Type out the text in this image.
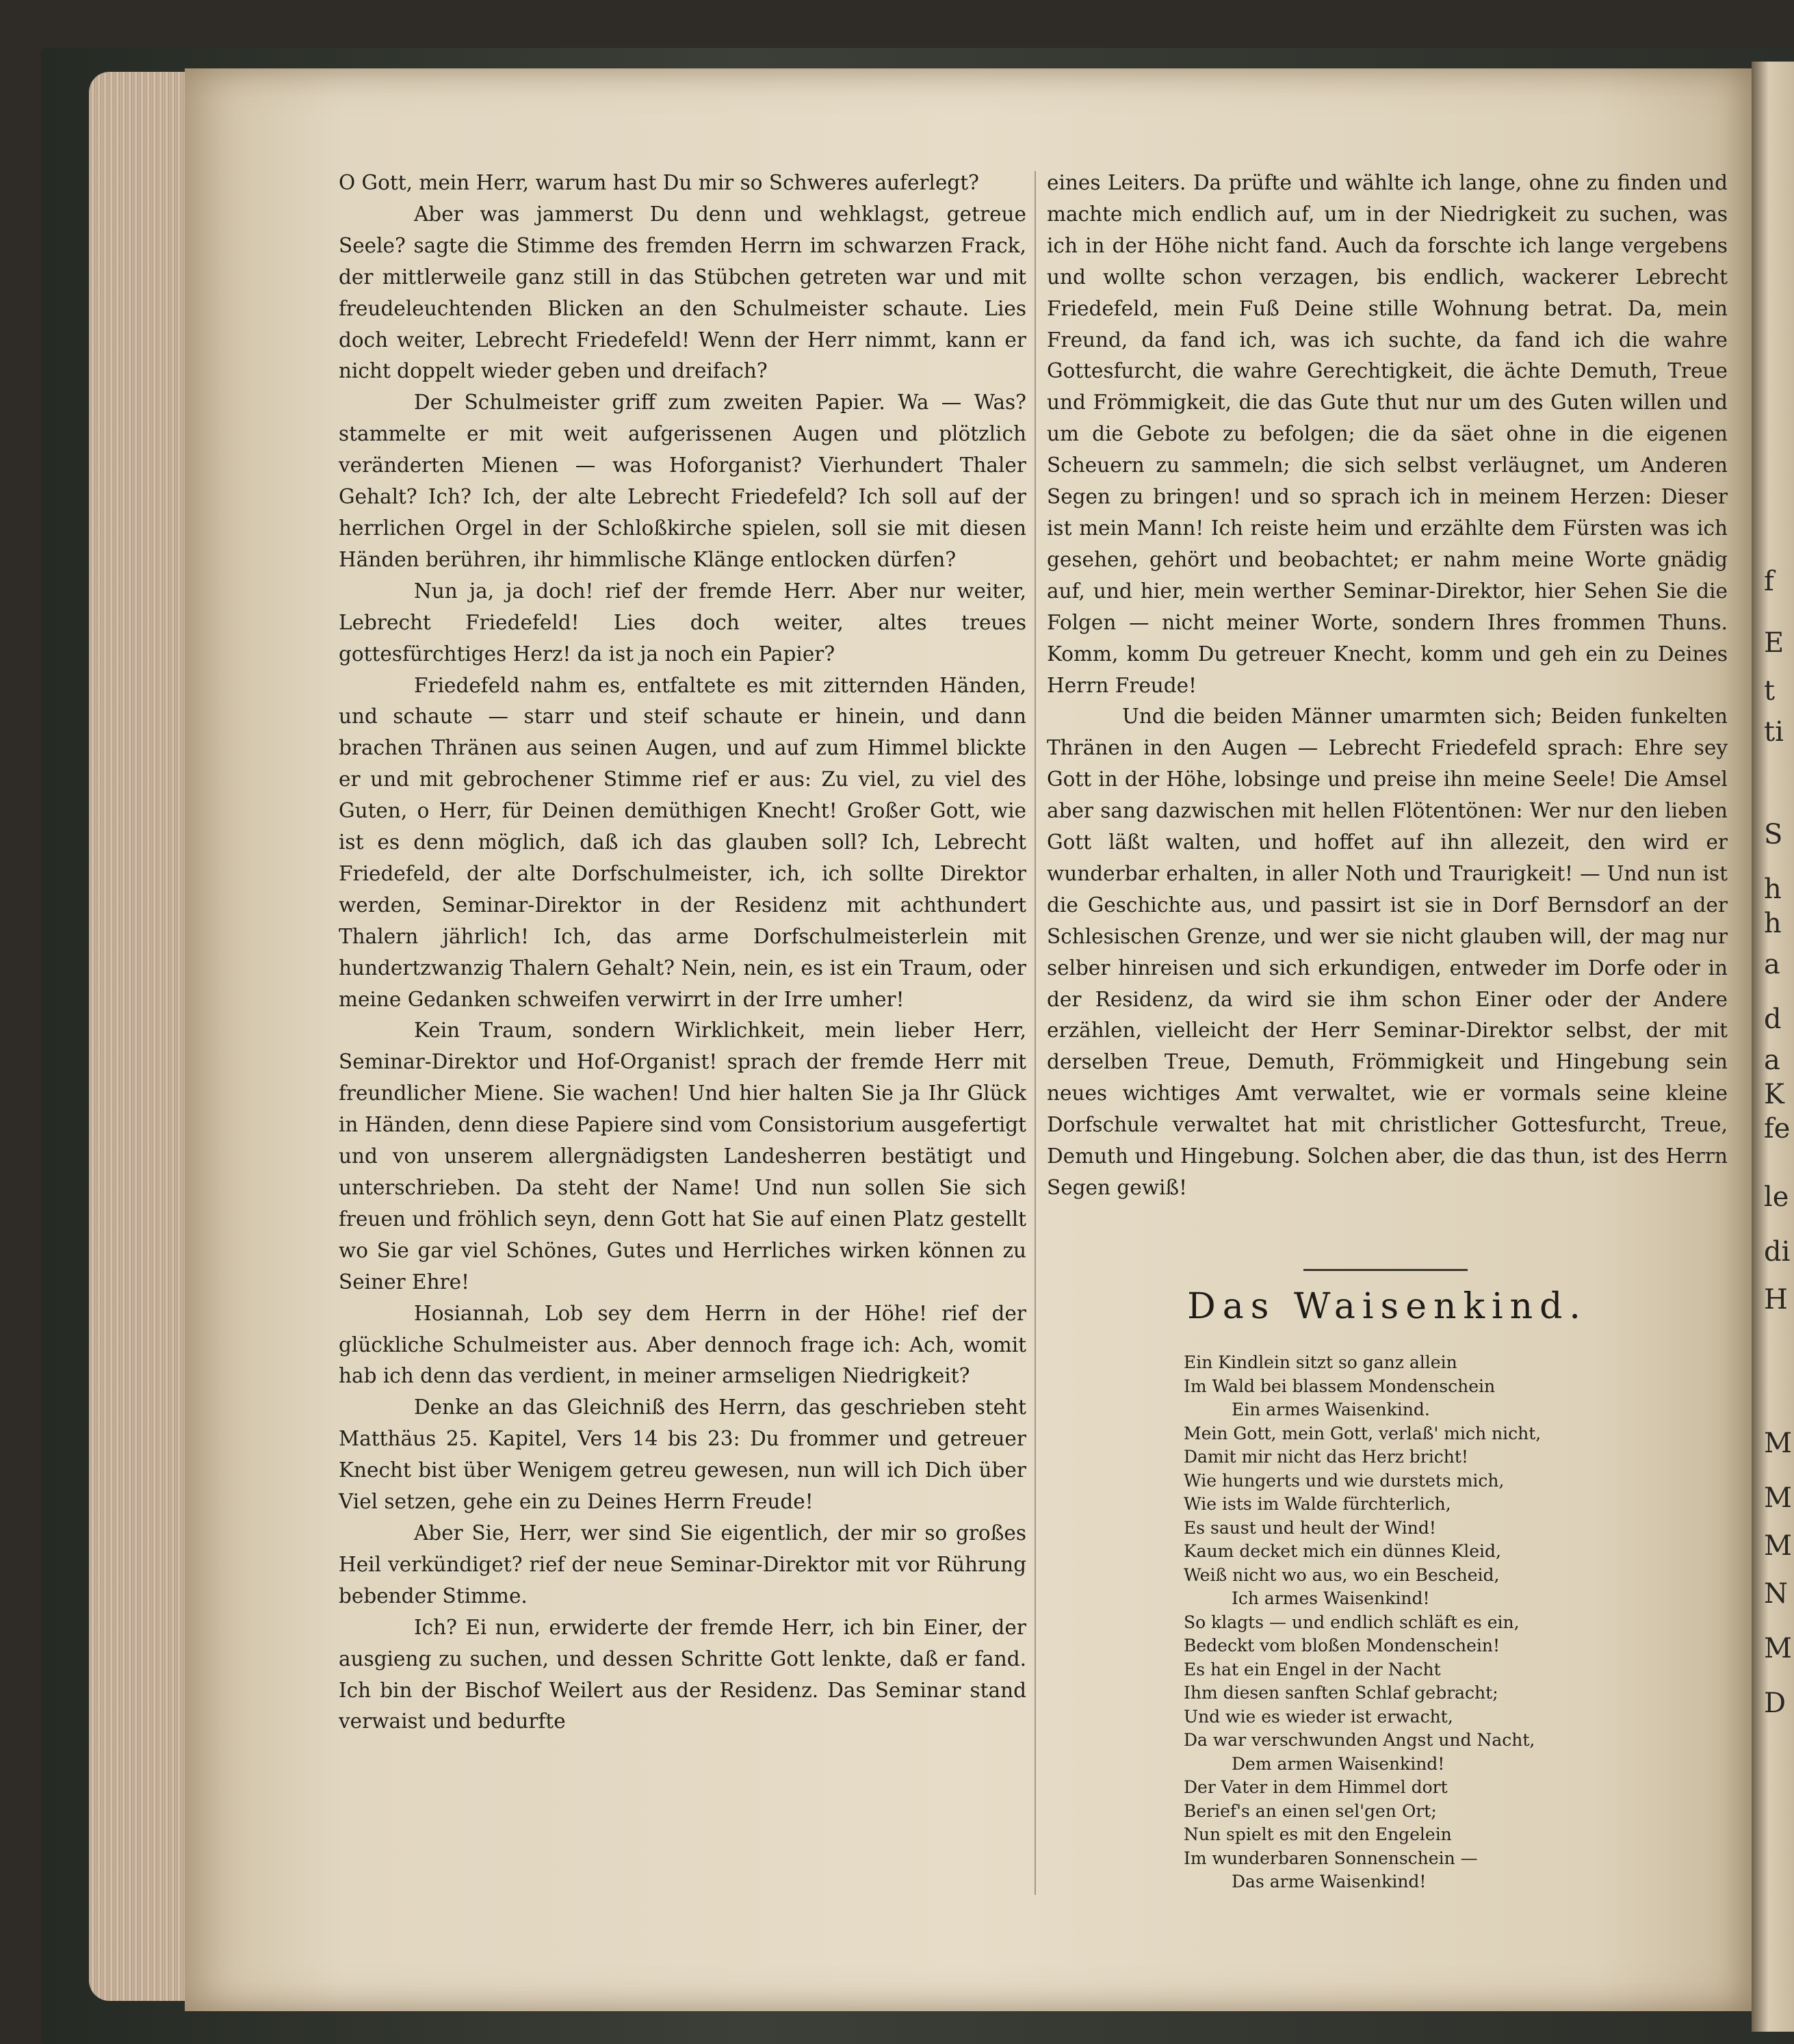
f
E
t
ti
S
h
h
a
d
a
K
fe
le
di
H
M
M
M
N
M
D

O Gott, mein Herr, warum hast Du mir so Schweres auferlegt?

Aber was jammerst Du denn und wehklagst, getreue Seele? sagte die Stimme des fremden Herrn im schwarzen Frack, der mittlerweile ganz still in das Stübchen getreten war und mit freudeleuchtenden Blicken an den Schulmeister schaute. Lies doch weiter, Lebrecht Friedefeld! Wenn der Herr nimmt, kann er nicht doppelt wieder geben und dreifach?

Der Schulmeister griff zum zweiten Papier. Wa — Was? stammelte er mit weit aufgerissenen Augen und plötzlich veränderten Mienen — was Hoforganist? Vierhundert Thaler Gehalt? Ich? Ich, der alte Lebrecht Friedefeld? Ich soll auf der herrlichen Orgel in der Schloßkirche spielen, soll sie mit diesen Händen berühren, ihr himmlische Klänge entlocken dürfen?

Nun ja, ja doch! rief der fremde Herr. Aber nur weiter, Lebrecht Friedefeld! Lies doch weiter, altes treues gottesfürchtiges Herz! da ist ja noch ein Papier?

Friedefeld nahm es, entfaltete es mit zitternden Händen, und schaute — starr und steif schaute er hinein, und dann brachen Thränen aus seinen Augen, und auf zum Himmel blickte er und mit gebrochener Stimme rief er aus: Zu viel, zu viel des Guten, o Herr, für Deinen demüthigen Knecht! Großer Gott, wie ist es denn möglich, daß ich das glauben soll? Ich, Lebrecht Friedefeld, der alte Dorfschulmeister, ich, ich sollte Direktor werden, Seminar-Direktor in der Residenz mit achthundert Thalern jährlich! Ich, das arme Dorfschulmeisterlein mit hundertzwanzig Thalern Gehalt? Nein, nein, es ist ein Traum, oder meine Gedanken schweifen verwirrt in der Irre umher!

Kein Traum, sondern Wirklichkeit, mein lieber Herr, Seminar-Direktor und Hof-Organist! sprach der fremde Herr mit freundlicher Miene. Sie wachen! Und hier halten Sie ja Ihr Glück in Händen, denn diese Papiere sind vom Consistorium ausgefertigt und von unserem allergnädigsten Landesherren bestätigt und unterschrieben. Da steht der Name! Und nun sollen Sie sich freuen und fröhlich seyn, denn Gott hat Sie auf einen Platz gestellt wo Sie gar viel Schönes, Gutes und Herrliches wirken können zu Seiner Ehre!

Hosiannah, Lob sey dem Herrn in der Höhe! rief der glückliche Schulmeister aus. Aber dennoch frage ich: Ach, womit hab ich denn das verdient, in meiner armseligen Niedrigkeit?

Denke an das Gleichniß des Herrn, das geschrieben steht Matthäus 25. Kapitel, Vers 14 bis 23: Du frommer und getreuer Knecht bist über Wenigem getreu gewesen, nun will ich Dich über Viel setzen, gehe ein zu Deines Herrn Freude!

Aber Sie, Herr, wer sind Sie eigentlich, der mir so großes Heil verkündiget? rief der neue Seminar-Direktor mit vor Rührung bebender Stimme.

Ich? Ei nun, erwiderte der fremde Herr, ich bin Einer, der ausgieng zu suchen, und dessen Schritte Gott lenkte, daß er fand. Ich bin der Bischof Weilert aus der Residenz. Das Seminar stand verwaist und bedurfte

eines Leiters. Da prüfte und wählte ich lange, ohne zu finden und machte mich endlich auf, um in der Niedrigkeit zu suchen, was ich in der Höhe nicht fand. Auch da forschte ich lange vergebens und wollte schon verzagen, bis endlich, wackerer Lebrecht Friedefeld, mein Fuß Deine stille Wohnung betrat. Da, mein Freund, da fand ich, was ich suchte, da fand ich die wahre Gottesfurcht, die wahre Gerechtigkeit, die ächte Demuth, Treue und Frömmigkeit, die das Gute thut nur um des Guten willen und um die Gebote zu befolgen; die da säet ohne in die eigenen Scheuern zu sammeln; die sich selbst verläugnet, um Anderen Segen zu bringen! und so sprach ich in meinem Herzen: Dieser ist mein Mann! Ich reiste heim und erzählte dem Fürsten was ich gesehen, gehört und beobachtet; er nahm meine Worte gnädig auf, und hier, mein werther Seminar-Direktor, hier Sehen Sie die Folgen — nicht meiner Worte, sondern Ihres frommen Thuns. Komm, komm Du getreuer Knecht, komm und geh ein zu Deines Herrn Freude!

Und die beiden Männer umarmten sich; Beiden funkelten Thränen in den Augen — Lebrecht Friedefeld sprach: Ehre sey Gott in der Höhe, lobsinge und preise ihn meine Seele! Die Amsel aber sang dazwischen mit hellen Flötentönen: Wer nur den lieben Gott läßt walten, und hoffet auf ihn allezeit, den wird er wunderbar erhalten, in aller Noth und Traurigkeit! — Und nun ist die Geschichte aus, und passirt ist sie in Dorf Bernsdorf an der Schlesischen Grenze, und wer sie nicht glauben will, der mag nur selber hinreisen und sich erkundigen, entweder im Dorfe oder in der Residenz, da wird sie ihm schon Einer oder der Andere erzählen, vielleicht der Herr Seminar-Direktor selbst, der mit derselben Treue, Demuth, Frömmigkeit und Hingebung sein neues wichtiges Amt verwaltet, wie er vormals seine kleine Dorfschule verwaltet hat mit christlicher Gottesfurcht, Treue, Demuth und Hingebung. Solchen aber, die das thun, ist des Herrn Segen gewiß!

Das Waisenkind.
Ein Kindlein sitzt so ganz allein
Im Wald bei blassem Mondenschein
Ein armes Waisenkind.
Mein Gott, mein Gott, verlaß' mich nicht,
Damit mir nicht das Herz bricht!
Wie hungerts und wie durstets mich,
Wie ists im Walde fürchterlich,
Es saust und heult der Wind!
Kaum decket mich ein dünnes Kleid,
Weiß nicht wo aus, wo ein Bescheid,
Ich armes Waisenkind!
So klagts — und endlich schläft es ein,
Bedeckt vom bloßen Mondenschein!
Es hat ein Engel in der Nacht
Ihm diesen sanften Schlaf gebracht;
Und wie es wieder ist erwacht,
Da war verschwunden Angst und Nacht,
Dem armen Waisenkind!
Der Vater in dem Himmel dort
Berief's an einen sel'gen Ort;
Nun spielt es mit den Engelein
Im wunderbaren Sonnenschein —
Das arme Waisenkind!
